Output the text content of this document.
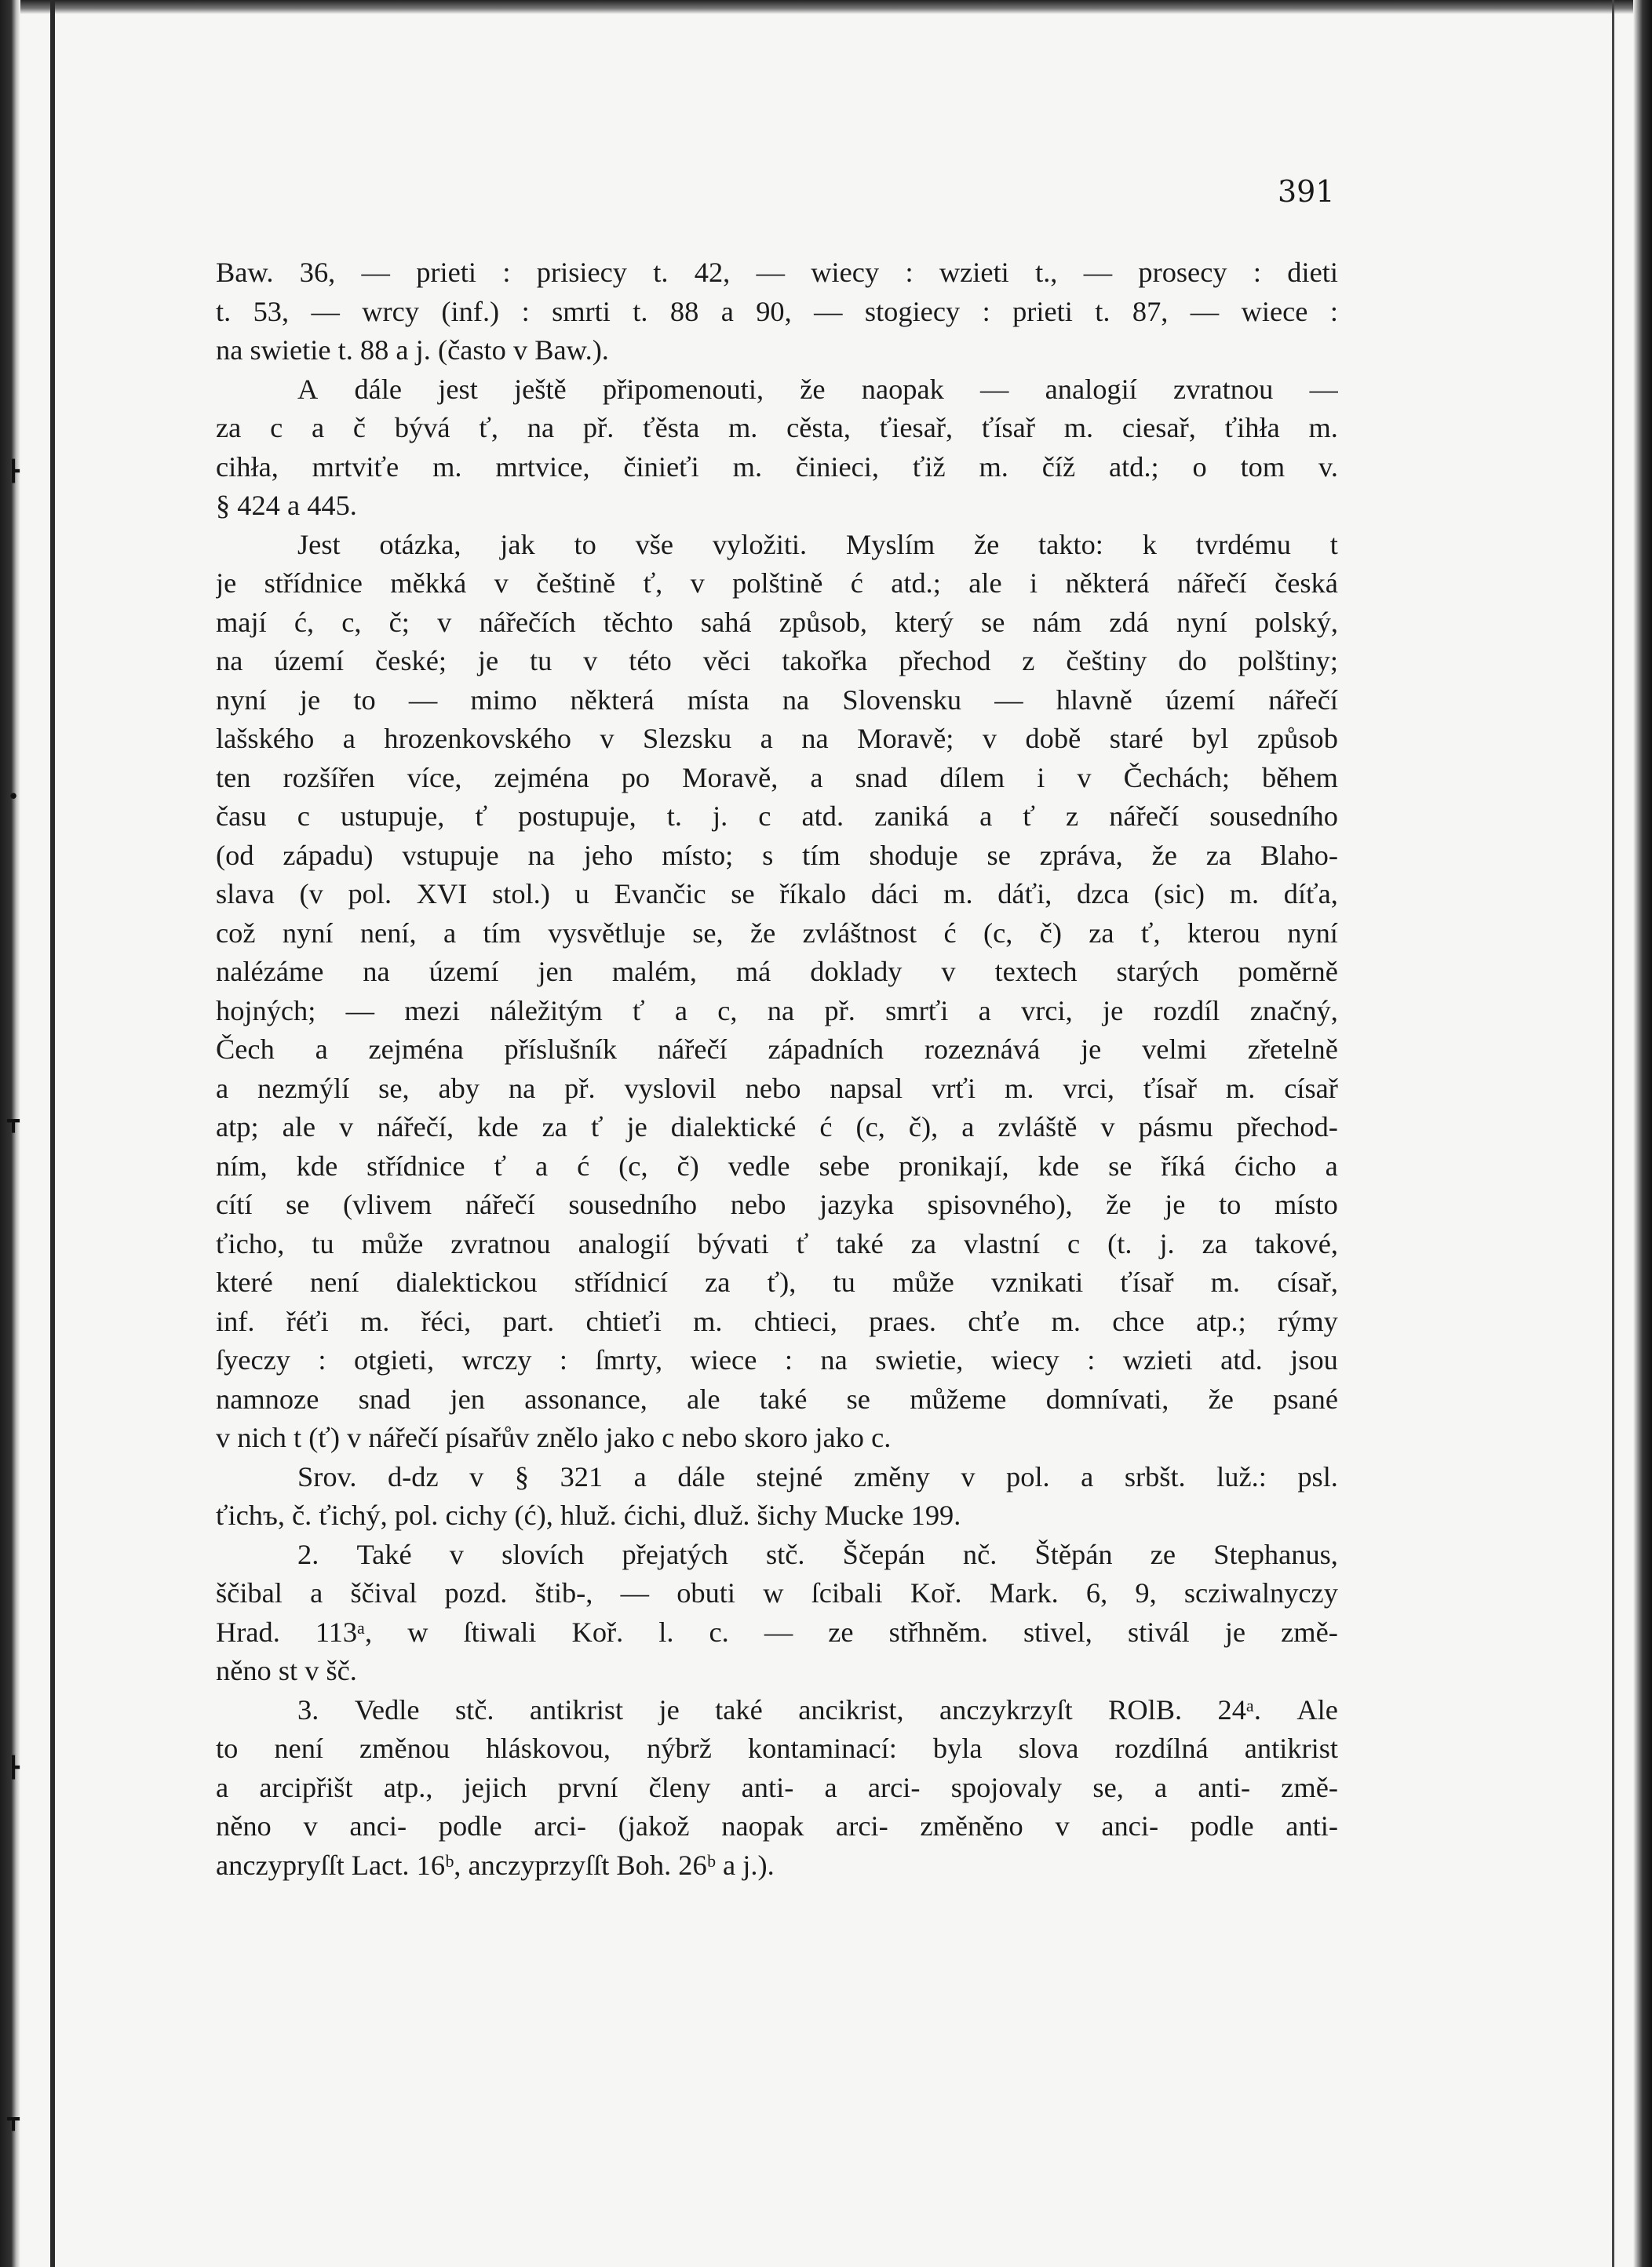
┣
•
┳
┣
┳
391
Baw. 36, — prieti : prisiecy t. 42, — wiecy : wzieti t., — prosecy : dieti
t. 53, — wrcy (inf.) : smrti t. 88 a 90, — stogiecy : prieti t. 87, — wiece :
na swietie t. 88 a j. (často v Baw.).
A dále jest ještě připomenouti, že naopak — analogií zvratnou —
za c a č bývá ť, na př. ťěsta m. cěsta, ťiesař, ťísař m. ciesař, ťihła m.
cihła, mrtviťe m. mrtvice, činieťi m. činieci, ťiž m. číž atd.; o tom v.
§ 424 a 445.
Jest otázka, jak to vše vyložiti. Myslím že takto: k tvrdému t
je střídnice měkká v češtině ť, v polštině ć atd.; ale i některá nářečí česká
mají ć, c, č; v nářečích těchto sahá způsob, který se nám zdá nyní polský,
na území české; je tu v této věci takořka přechod z češtiny do polštiny;
nyní je to — mimo některá místa na Slovensku — hlavně území nářečí
lašského a hrozenkovského v Slezsku a na Moravě; v době staré byl způsob
ten rozšířen více, zejména po Moravě, a snad dílem i v Čechách; během
času c ustupuje, ť postupuje, t. j. c atd. zaniká a ť z nářečí sousedního
(od západu) vstupuje na jeho místo; s tím shoduje se zpráva, že za Blaho-
slava (v pol. XVI stol.) u Evančic se říkalo dáci m. dáťi, dzca (sic) m. díťa,
což nyní není, a tím vysvětluje se, že zvláštnost ć (c, č) za ť, kterou nyní
nalézáme na území jen malém, má doklady v textech starých poměrně
hojných; — mezi náležitým ť a c, na př. smrťi a vrci, je rozdíl značný,
Čech a zejména příslušník nářečí západních rozeznává je velmi zřetelně
a nezmýlí se, aby na př. vyslovil nebo napsal vrťi m. vrci, ťísař m. císař
atp; ale v nářečí, kde za ť je dialektické ć (c, č), a zvláště v pásmu přechod-
ním, kde střídnice ť a ć (c, č) vedle sebe pronikají, kde se říká ćicho a
cítí se (vlivem nářečí sousedního nebo jazyka spisovného), že je to místo
ťicho, tu může zvratnou analogií bývati ť také za vlastní c (t. j. za takové,
které není dialektickou střídnicí za ť), tu může vznikati ťísař m. císař,
inf. řéťi m. řéci, part. chtieťi m. chtieci, praes. chťe m. chce atp.; rýmy
ſyeczy : otgieti, wrczy : ſmrty, wiece : na swietie, wiecy : wzieti atd. jsou
namnoze snad jen assonance, ale také se můžeme domnívati, že psané
v nich t (ť) v nářečí písařův znělo jako c nebo skoro jako c.
Srov. d-dz v § 321 a dále stejné změny v pol. a srbšt. luž.: psl.
ťichъ, č. ťichý, pol. cichy (ć), hluž. ćichi, dluž. šichy Mucke 199.
2. Také v slovích přejatých stč. Ščepán nč. Štěpán ze Stephanus,
ščibal a ščival pozd. štib-, — obuti w ſcibali Koř. Mark. 6, 9, sсziwalnyczy
Hrad. 113ᵃ, w ſtiwali Koř. l. c. — ze střhněm. stivel, stivál je změ-
něno st v šč.
3. Vedle stč. antikrist je také ancikrist, anczykrzyſt ROlB. 24ᵃ. Ale
to není změnou hláskovou, nýbrž kontaminací: byla slova rozdílná antikrist
a arcipřišt atp., jejich první členy anti- a arci- spojovaly se, a anti- změ-
něno v anci- podle arci- (jakož naopak arci- změněno v anci- podle anti-
anczypryſſt Lact. 16ᵇ, anczyprzyſſt Boh. 26ᵇ a j.).
